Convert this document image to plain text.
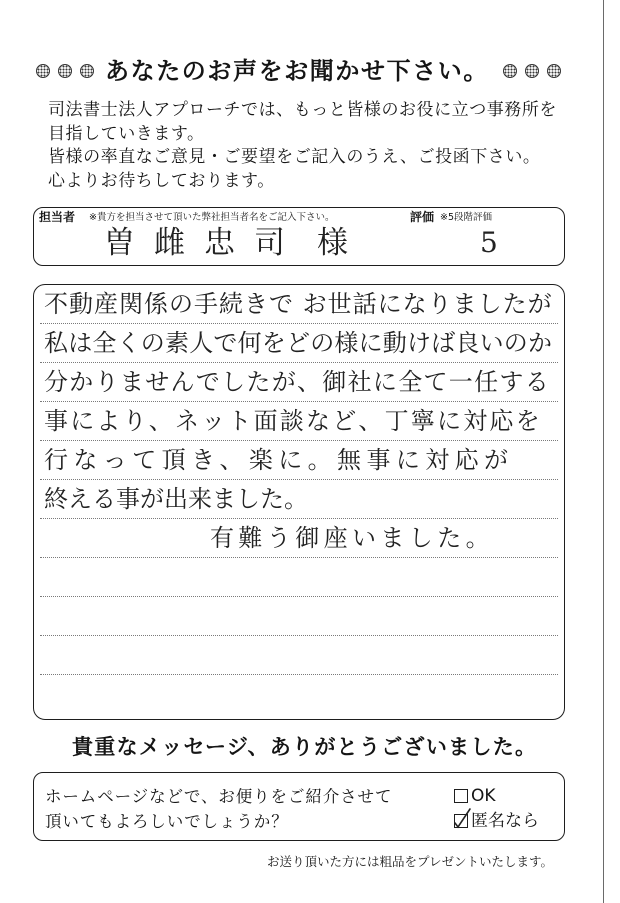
あなたのお声をお聞かせ下さい。
司法書士法人アプローチでは、もっと皆様のお役に立つ事務所を
目指していきます。
皆様の率直なご意見・ご要望をご記入のうえ、ご投函下さい。
心よりお待ちしております。
担当者 ※貴方を担当させて頂いた弊社担当者名をご記入下さい。	評価 ※5段階評価
曽雌忠司 様	5
不動産関係の手続きで お世話になりましたが
私は全くの素人で何をどの様に動けば良いのか
分かりませんでしたが、御社に全て一任する
事により、ネット面談など、丁寧に対応を
行なって頂き、楽に。無事に対応が
終える事が出来ました。
有難う御座いました。
貴重なメッセージ、ありがとうございました。
ホームページなどで、お便りをご紹介させて
頂いてもよろしいでしょうか？
OK
匿名なら
お送り頂いた方には粗品をプレゼントいたします。
